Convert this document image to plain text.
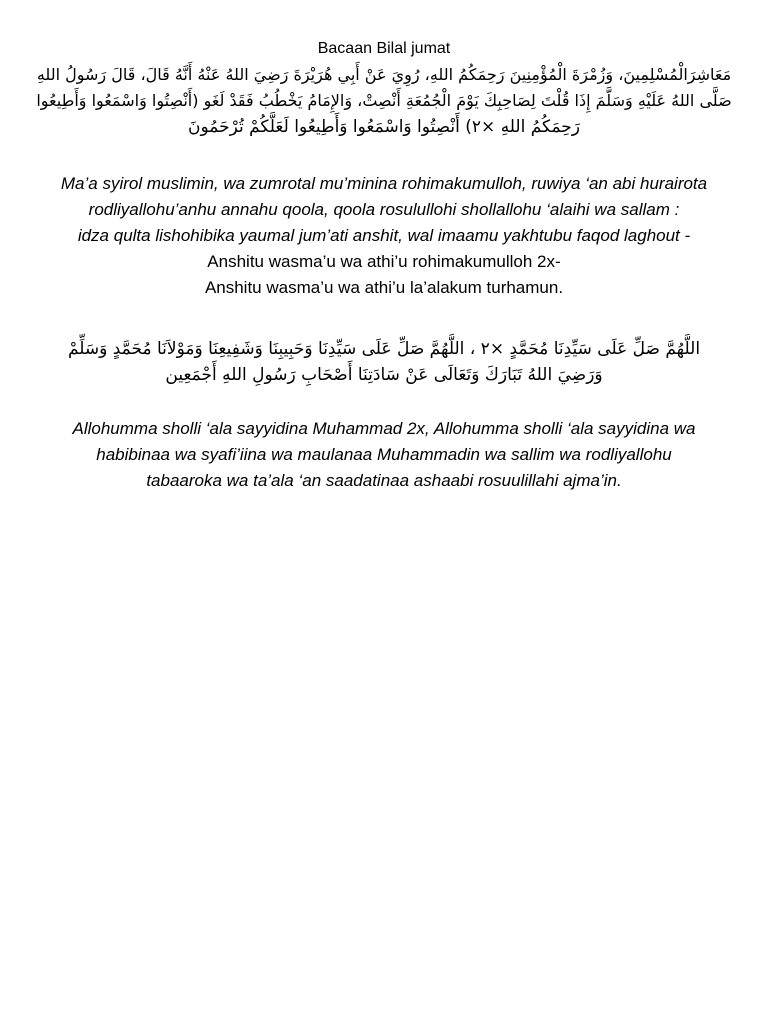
Bacaan Bilal jumat
مَعَاشِرَالْمُسْلِمِينَ، وَزُمْرَةَ الْمُؤْمِنِينَ رَحِمَكُمُ اللهِ، رُوِيَ عَنْ أَبِي هُرَيْرَةَ رَضِيَ اللهُ عَنْهُ أَنَّهُ قَالَ، قَالَ رَسُولُ اللهِ
صَلَّى اللهُ عَلَيْهِ وَسَلَّمَ إِذَا قُلْتَ لِصَاحِبِكَ يَوْمَ الْجُمُعَةِ أَنْصِتْ، وَالإِمَامُ يَخْطُبُ فَقَدْ لَغَو (أَنْصِتُوا وَاسْمَعُوا وَأَطِيعُوا
رَحِمَكُمُ اللهِ ×٢) أَنْصِتُوا وَاسْمَعُوا وَأَطِيعُوا لَعَلَّكُمْ تُرْحَمُونَ
Ma’a syirol muslimin, wa zumrotal mu’minina rohimakumulloh, ruwiya ‘an abi hurairota
rodliyallohu’anhu annahu qoola, qoola rosulullohi shollallohu ‘alaihi wa sallam :
idza qulta lishohibika yaumal jum’ati anshit, wal imaamu yakhtubu faqod laghout -
Anshitu wasma’u wa athi’u rohimakumulloh 2x-
Anshitu wasma’u wa athi’u la’alakum turhamun.
اللَّهُمَّ صَلِّ عَلَى سَيِّدِنَا مُحَمَّدٍ ×٢ ، اللَّهُمَّ صَلِّ عَلَى سَيِّدِنَا وَحَبِيبِنَا وَشَفِيعِنَا وَمَوْلاَنَا مُحَمَّدٍ وَسَلِّمْ
وَرَضِيَ اللهُ تَبَارَكَ وَتَعَالَى عَنْ سَادَتِنَا أَصْحَابِ رَسُولِ اللهِ أَجْمَعِين
Allohumma sholli ‘ala sayyidina Muhammad 2x, Allohumma sholli ‘ala sayyidina wa
habibinaa wa syafi’iina wa maulanaa Muhammadin wa sallim wa rodliyallohu
tabaaroka wa ta’ala ‘an saadatinaa ashaabi rosuulillahi ajma’in.
